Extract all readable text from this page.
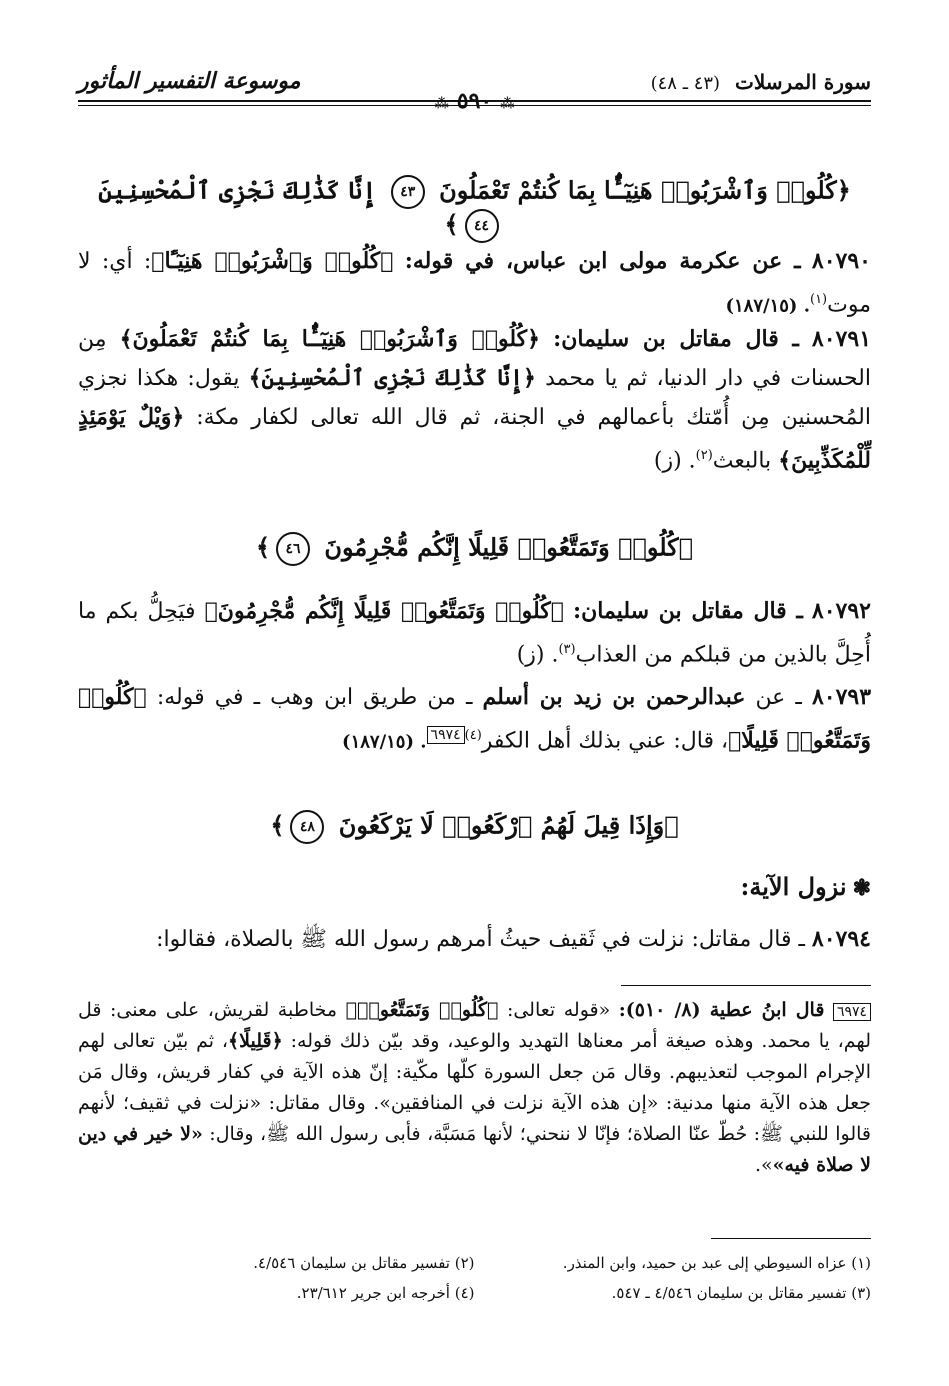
سورة المرسلات (٤٣ ـ ٤٨)
⁂ ٥٩٠ ⁂
موسوعة التفسير المأثور
﴿كُلُوا۟ وَٱشْرَبُوا۟ هَنِيٓـًٔۢا بِمَا كُنتُمْ تَعْمَلُونَ ٤٣ إِنَّا كَذَٰلِكَ نَجْزِى ٱلْمُحْسِنِينَ ٤٤﴾

٨٠٧٩٠ ـ عن عكرمة مولى ابن عباس، في قوله: ﴿كُلُوا۟ وَٱشْرَبُوا۟ هَنِيٓـًٔا﴾: أي: لا موت$^{(١)}$. (١٨٧/١٥)

٨٠٧٩١ ـ قال مقاتل بن سليمان: ﴿كُلُوا۟ وَٱشْرَبُوا۟ هَنِيٓـًٔۢا بِمَا كُنتُمْ تَعْمَلُونَ﴾ مِن الحسنات في دار الدنيا، ثم يا محمد ﴿إِنَّا كَذَٰلِكَ نَجْزِى ٱلْمُحْسِنِينَ﴾ يقول: هكذا نجزي المُحسنين مِن أُمّتك بأعمالهم في الجنة، ثم قال الله تعالى لكفار مكة: ﴿وَيْلٌ يَوْمَئِذٍ لِّلْمُكَذِّبِينَ﴾ بالبعث$^{(٢)}$. (ز)

﴿كُلُوا۟ وَتَمَتَّعُوا۟ قَلِيلًا إِنَّكُم مُّجْرِمُونَ ٤٦﴾

٨٠٧٩٢ ـ قال مقاتل بن سليمان: ﴿كُلُوا۟ وَتَمَتَّعُوا۟ قَلِيلًا إِنَّكُم مُّجْرِمُونَ﴾ فيَحِلُّ بكم ما أُحِلَّ بالذين من قبلكم من العذاب$^{(٣)}$. (ز)

٨٠٧٩٣ ـ عن عبدالرحمن بن زيد بن أسلم ـ من طريق ابن وهب ـ في قوله: ﴿كُلُوا۟ وَتَمَتَّعُوا۟ قَلِيلًا﴾، قال: عني بذلك أهل الكفر$^{(٤)}$٦٩٧٤. (١٨٧/١٥)

﴿وَإِذَا قِيلَ لَهُمُ ٱرْكَعُوا۟ لَا يَرْكَعُونَ ٤٨﴾
❃نزول الآية:

٨٠٧٩٤ ـ قال مقاتل: نزلت في ثَقيف حيثُ أمرهم رسول الله ﷺ بالصلاة، فقالوا:

٦٩٧٤ قال ابنُ عطية (٨/ ٥١٠): «قوله تعالى: ﴿كُلُوا۟ وَتَمَتَّعُوا۟﴾ مخاطبة لقريش، على معنى: قل لهم، يا محمد. وهذه صيغة أمر معناها التهديد والوعيد، وقد بيّن ذلك قوله: ﴿قَلِيلًا﴾، ثم بيّن تعالى لهم الإجرام الموجب لتعذيبهم. وقال مَن جعل السورة كلّها مكّية: إنّ هذه الآية في كفار قريش، وقال مَن جعل هذه الآية منها مدنية: «إن هذه الآية نزلت في المنافقين». وقال مقاتل: «نزلت في ثقيف؛ لأنهم قالوا للنبي ﷺ: حُطّ عنّا الصلاة؛ فإنّا لا ننحني؛ لأنها مَسَبَّة، فأبى رسول الله ﷺ، وقال: «لا خير في دين لا صلاة فيه»».
(١) عزاه السيوطي إلى عبد بن حميد، وابن المنذر.
(٢) تفسير مقاتل بن سليمان ٤/٥٤٦.
(٣) تفسير مقاتل بن سليمان ٤/٥٤٦ ـ ٥٤٧.
(٤) أخرجه ابن جرير ٢٣/٦١٢.
